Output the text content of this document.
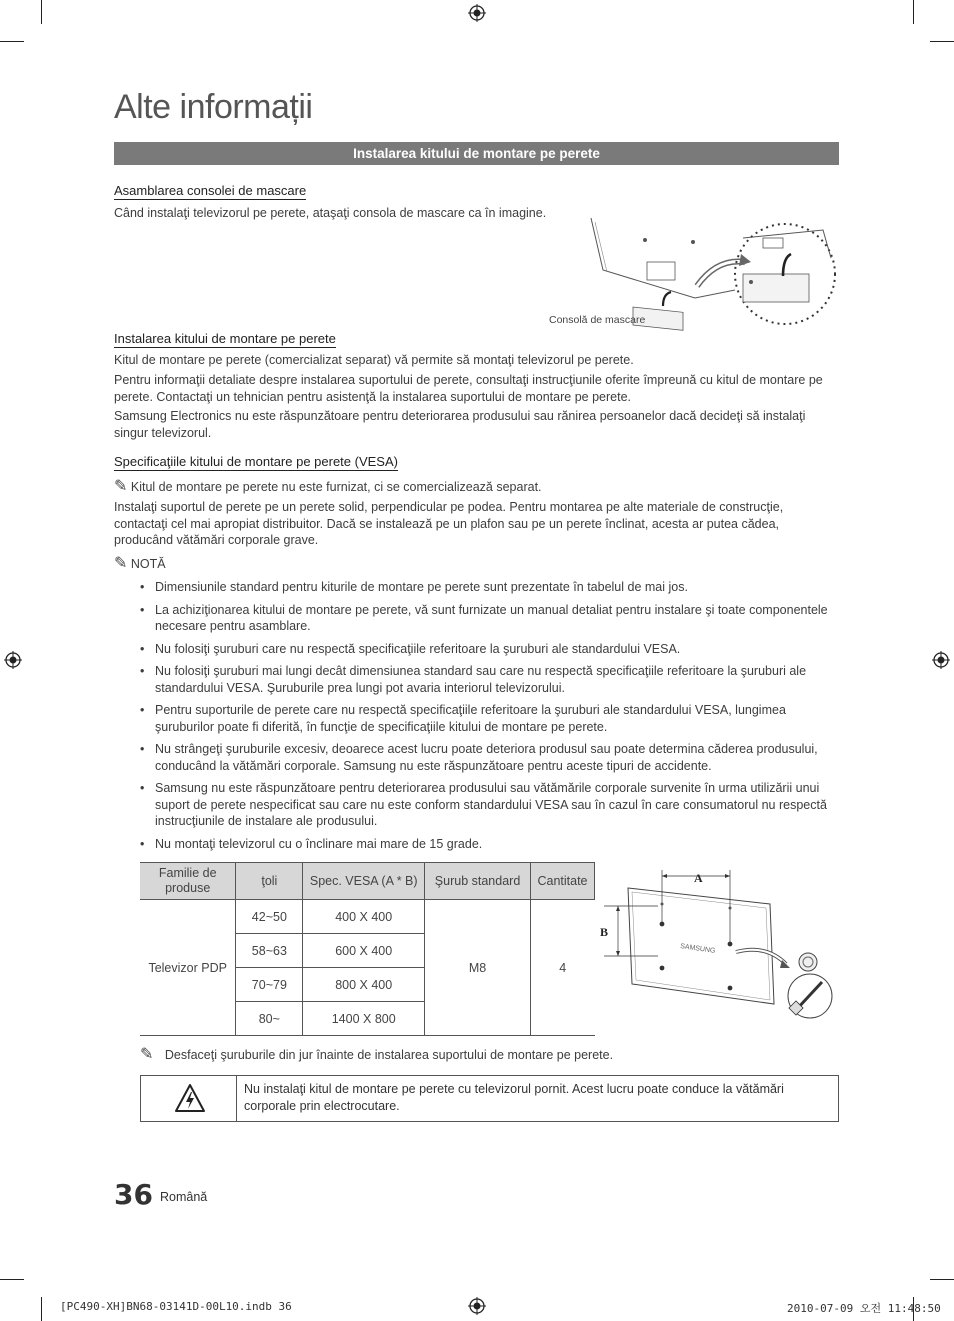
Alte informații
Instalarea kitului de montare pe perete
Asamblarea consolei de mascare
Când instalaţi televizorul pe perete, ataşaţi consola de mascare ca în imagine.
Consolă de mascare
Instalarea kitului de montare pe perete
Kitul de montare pe perete (comercializat separat) vă permite să montaţi televizorul pe perete.
Pentru informaţii detaliate despre instalarea suportului de perete, consultaţi instrucţiunile oferite împreună cu kitul de montare pe perete. Contactaţi un tehnician pentru asistenţă la instalarea suportului de montare pe perete.
Samsung Electronics nu este răspunzătoare pentru deteriorarea produsului sau rănirea persoanelor dacă decideţi să instalaţi singur televizorul.
Specificaţiile kitului de montare pe perete (VESA)
✎ Kitul de montare pe perete nu este furnizat, ci se comercializează separat.
Instalaţi suportul de perete pe un perete solid, perpendicular pe podea. Pentru montarea pe alte materiale de construcţie, contactaţi cel mai apropiat distribuitor. Dacă se instalează pe un plafon sau pe un perete înclinat, acesta ar putea cădea, producând vătămări corporale grave.
✎ NOTĂ
• Dimensiunile standard pentru kiturile de montare pe perete sunt prezentate în tabelul de mai jos.
• La achiziţionarea kitului de montare pe perete, vă sunt furnizate un manual detaliat pentru instalare şi toate componentele necesare pentru asamblare.
• Nu folosiţi şuruburi care nu respectă specificaţiile referitoare la şuruburi ale standardului VESA.
• Nu folosiţi şuruburi mai lungi decât dimensiunea standard sau care nu respectă specificaţiile referitoare la şuruburi ale standardului VESA. Şuruburile prea lungi pot avaria interiorul televizorului.
• Pentru suporturile de perete care nu respectă specificaţiile referitoare la şuruburi ale standardului VESA, lungimea şuruburilor poate fi diferită, în funcţie de specificaţiile kitului de montare pe perete.
• Nu strângeţi şuruburile excesiv, deoarece acest lucru poate deteriora produsul sau poate determina căderea produsului, conducând la vătămări corporale. Samsung nu este răspunzătoare pentru aceste tipuri de accidente.
• Samsung nu este răspunzătoare pentru deteriorarea produsului sau vătămările corporale survenite în urma utilizării unui suport de perete nespecificat sau care nu este conform standardului VESA sau în cazul în care consumatorul nu respectă instrucţiunile de instalare ale produsului.
• Nu montaţi televizorul cu o înclinare mai mare de 15 grade.
Familie de produse	ţoli	Spec. VESA (A * B)	Şurub standard	Cantitate
Televizor PDP	42~50	400 X 400	M8	4
	58~63	600 X 400		
	70~79	800 X 400		
	80~	1400 X 800		
A
B
SAMSUNG
✎ Desfaceţi şuruburile din jur înainte de instalarea suportului de montare pe perete.
Nu instalaţi kitul de montare pe perete cu televizorul pornit. Acest lucru poate conduce la vătămări corporale prin electrocutare.
36 Română
[PC490-XH]BN68-03141D-00L10.indb 36	2010-07-09 오전 11:48:50
